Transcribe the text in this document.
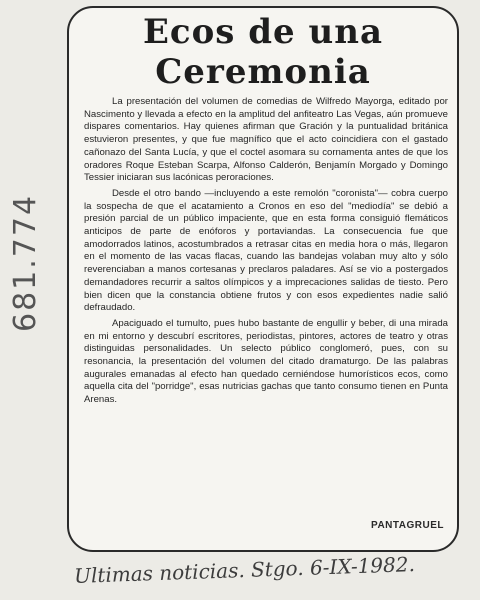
Ecos de una
Ceremonia

La presentación del volumen de comedias de Wilfredo Mayorga, editado por Nascimento y llevada a efecto en la amplitud del anfiteatro Las Vegas, aún promueve dispares comentarios. Hay quienes afirman que Gración y la puntualidad británica estuvieron presentes, y que fue magnífico que el acto coincidiera con el gastado cañonazo del Santa Lucía, y que el coctel asomara su cornamenta antes de que los oradores Roque Esteban Scarpa, Alfonso Calderón, Benjamín Morgado y Domingo Tessier iniciaran sus lacónicas peroraciones.

Desde el otro bando —incluyendo a este remolón "coronista"— cobra cuerpo la sospecha de que el acatamiento a Cronos en eso del "mediodía" se debió a presión parcial de un público impaciente, que en esta forma consiguió flemáticos anticipos de parte de enóforos y portaviandas. La consecuencia fue que amodorrados latinos, acostumbrados a retrasar citas en media hora o más, llegaron en el momento de las vacas flacas, cuando las bandejas volaban muy alto y sólo reverenciaban a manos cortesanas y preclaros paladares. Así se vio a postergados demandadores recurrir a saltos olímpicos y a imprecaciones salidas de tiesto. Pero bien dicen que la constancia obtiene frutos y con esos expedientes nadie salió defraudado.

Apaciguado el tumulto, pues hubo bastante de engullir y beber, di una mirada en mi entorno y descubrí escritores, periodistas, pintores, actores de teatro y otras distinguidas personalidades. Un selecto público conglomeró, pues, con su resonancia, la presentación del volumen del citado dramaturgo. De las palabras augurales emanadas al efecto han quedado cerniéndose humorísticos ecos, como aquella cita del "porridge", esas nutricias gachas que tanto consumo tienen en Punta Arenas.

PANTAGRUEL
681.774
Ultimas noticias. Stgo. 6-IX-1982.
